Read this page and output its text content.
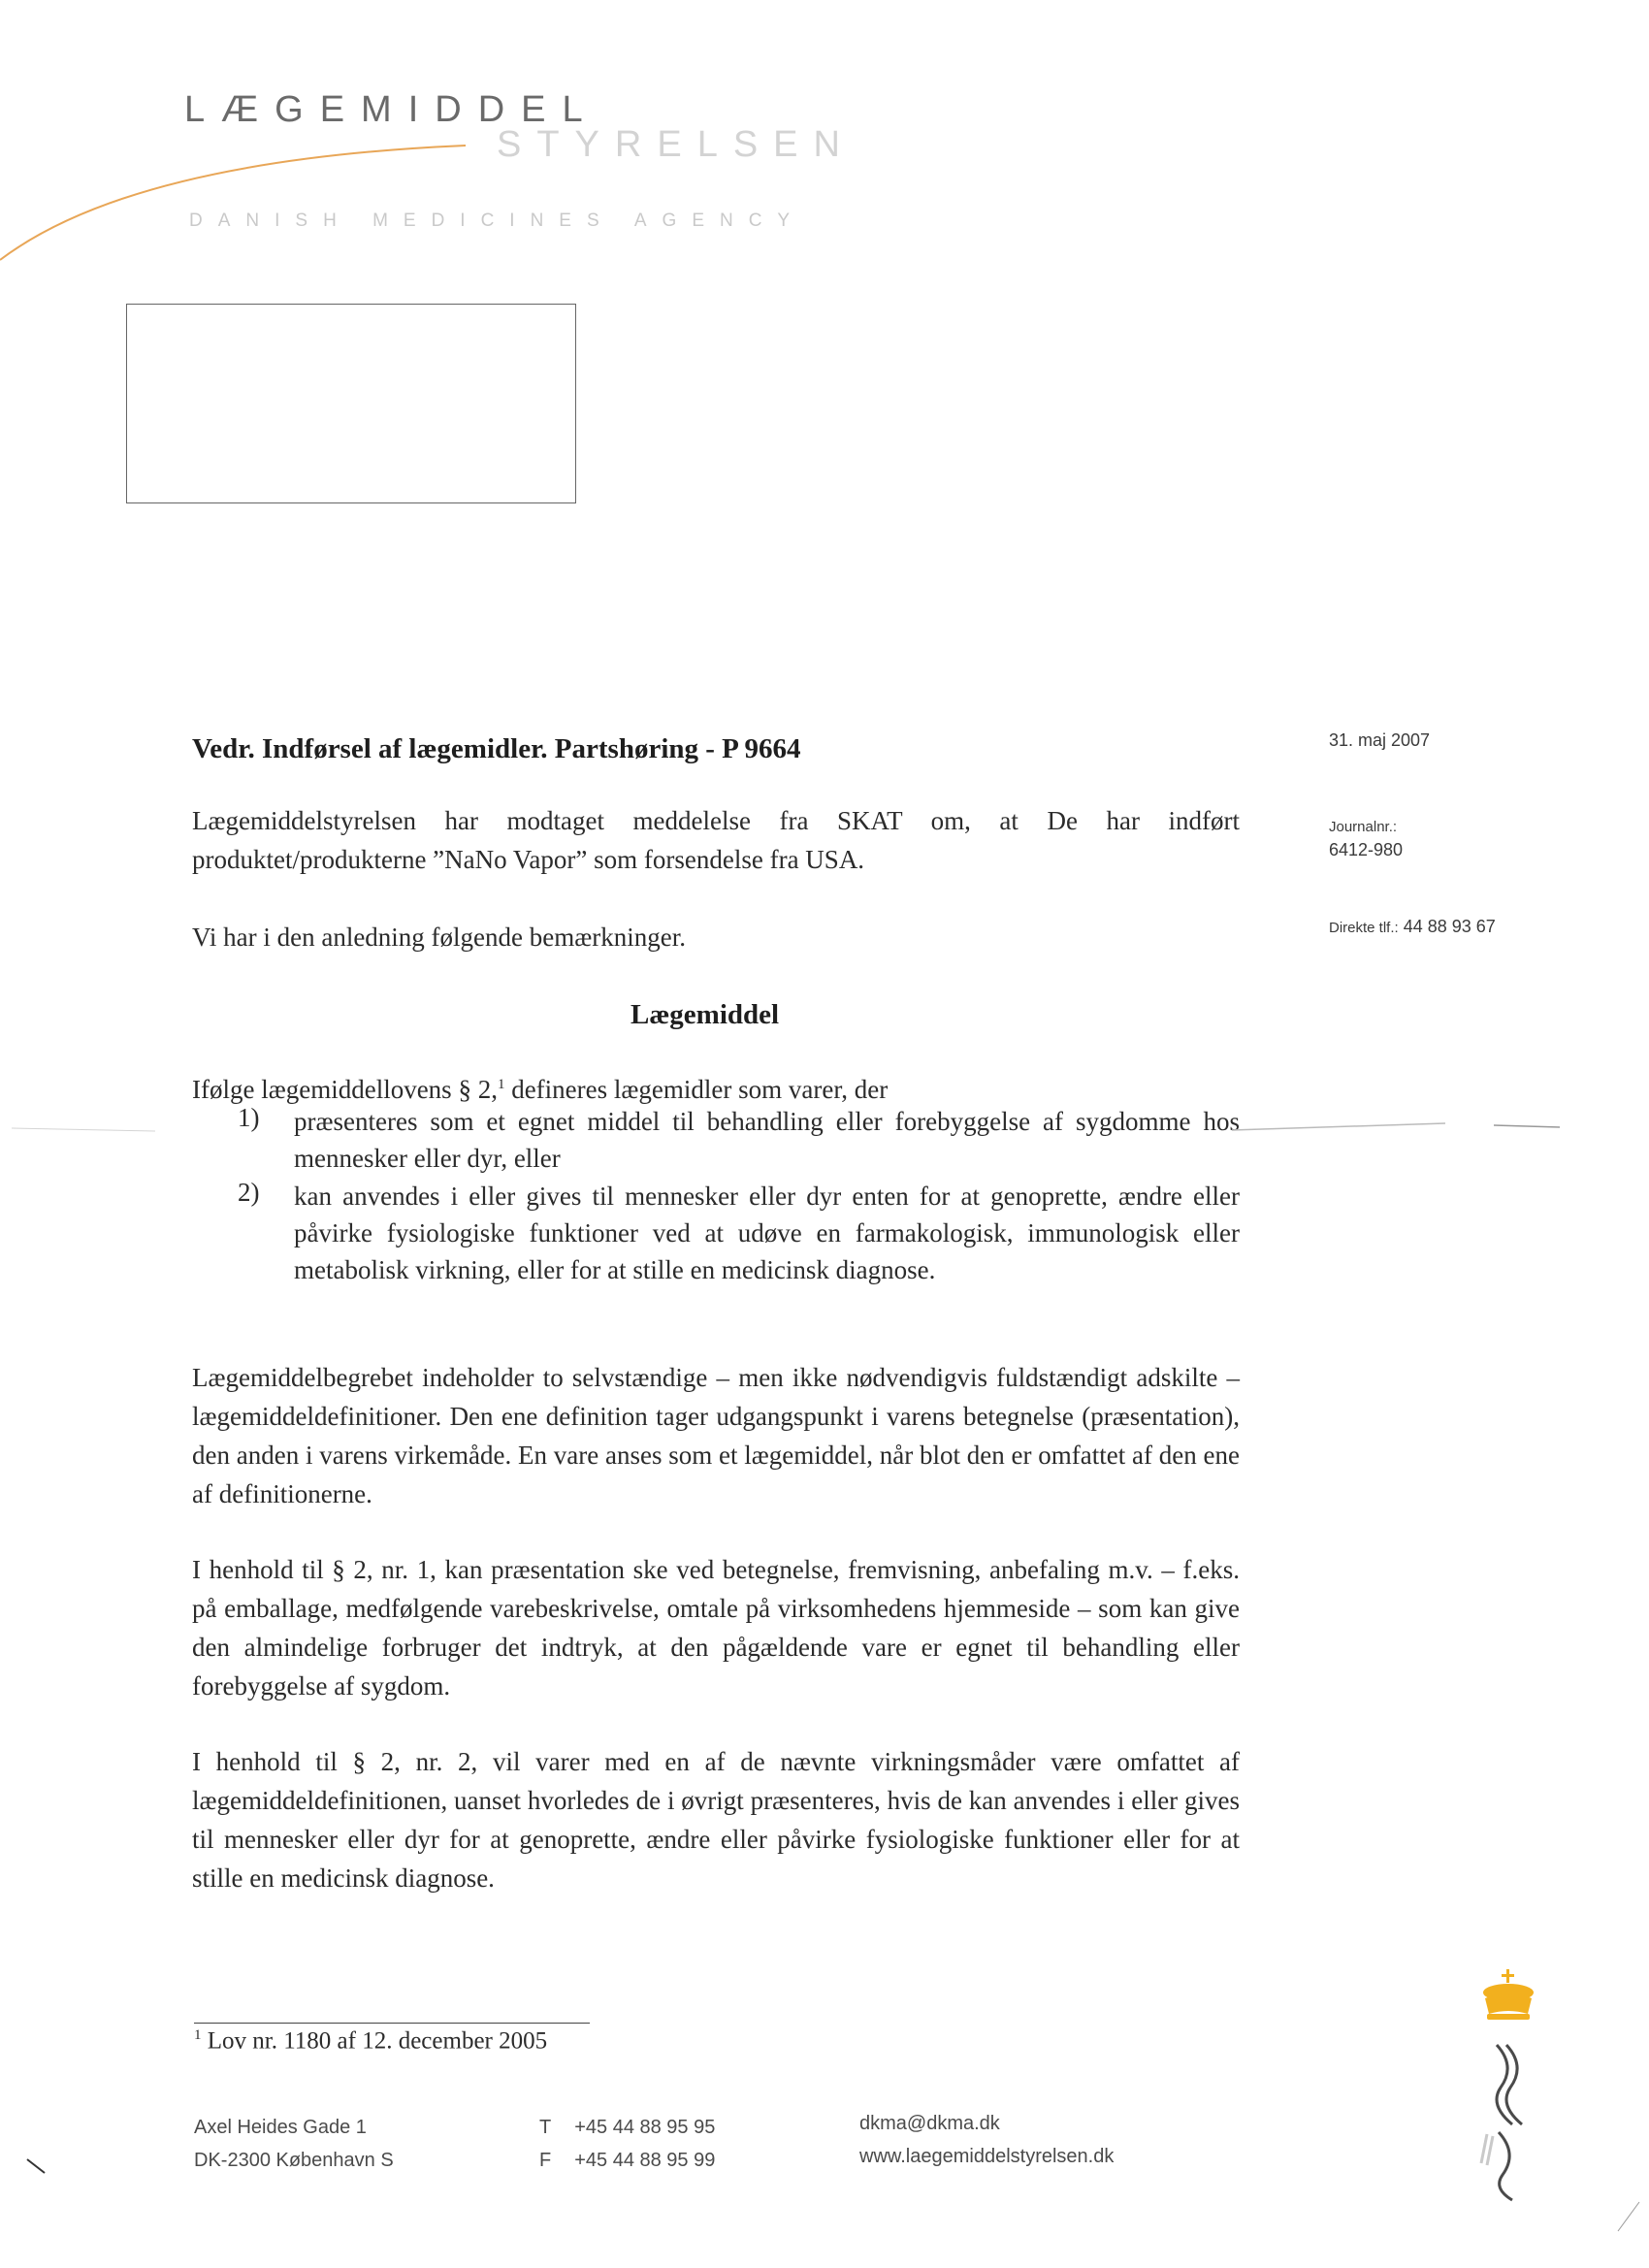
LÆGEMIDDEL
STYRELSEN
DANISH MEDICINES AGENCY
Vedr. Indførsel af lægemidler. Partshøring - P 9664	31. maj 2007
Journalnr.:
6412-980
Direkte tlf.: 44 88 93 67

Lægemiddelstyrelsen har modtaget meddelelse fra SKAT om, at De har indført produktet/produkterne ”NaNo Vapor” som forsendelse fra USA.

Vi har i den anledning følgende bemærkninger.

Lægemiddel

Ifølge lægemiddellovens § 2,$^1$ defineres lægemidler som varer, der

1) præsenteres som et egnet middel til behandling eller forebyggelse af sygdomme hos mennesker eller dyr, eller

2) kan anvendes i eller gives til mennesker eller dyr enten for at genoprette, ændre eller påvirke fysiologiske funktioner ved at udøve en farmakologisk, immunologisk eller metabolisk virkning, eller for at stille en medicinsk diagnose.

Lægemiddelbegrebet indeholder to selvstændige – men ikke nødvendigvis fuldstændigt adskilte – lægemiddeldefinitioner. Den ene definition tager udgangspunkt i varens betegnelse (præsentation), den anden i varens virkemåde. En vare anses som et lægemiddel, når blot den er omfattet af den ene af definitionerne.

I henhold til § 2, nr. 1, kan præsentation ske ved betegnelse, fremvisning, anbefaling m.v. – f.eks. på emballage, medfølgende varebeskrivelse, omtale på virksomhedens hjemmeside – som kan give den almindelige forbruger det indtryk, at den pågældende vare er egnet til behandling eller forebyggelse af sygdom.

I henhold til § 2, nr. 2, vil varer med en af de nævnte virkningsmåder være omfattet af lægemiddeldefinitionen, uanset hvorledes de i øvrigt præsenteres, hvis de kan anvendes i eller gives til mennesker eller dyr for at genoprette, ændre eller påvirke fysiologiske funktioner eller for at stille en medicinsk diagnose.

$^1$ Lov nr. 1180 af 12. december 2005
Axel Heides Gade 1
DK-2300 København S
T +45 44 88 95 95
F +45 44 88 95 99
dkma@dkma.dk
www.laegemiddelstyrelsen.dk
